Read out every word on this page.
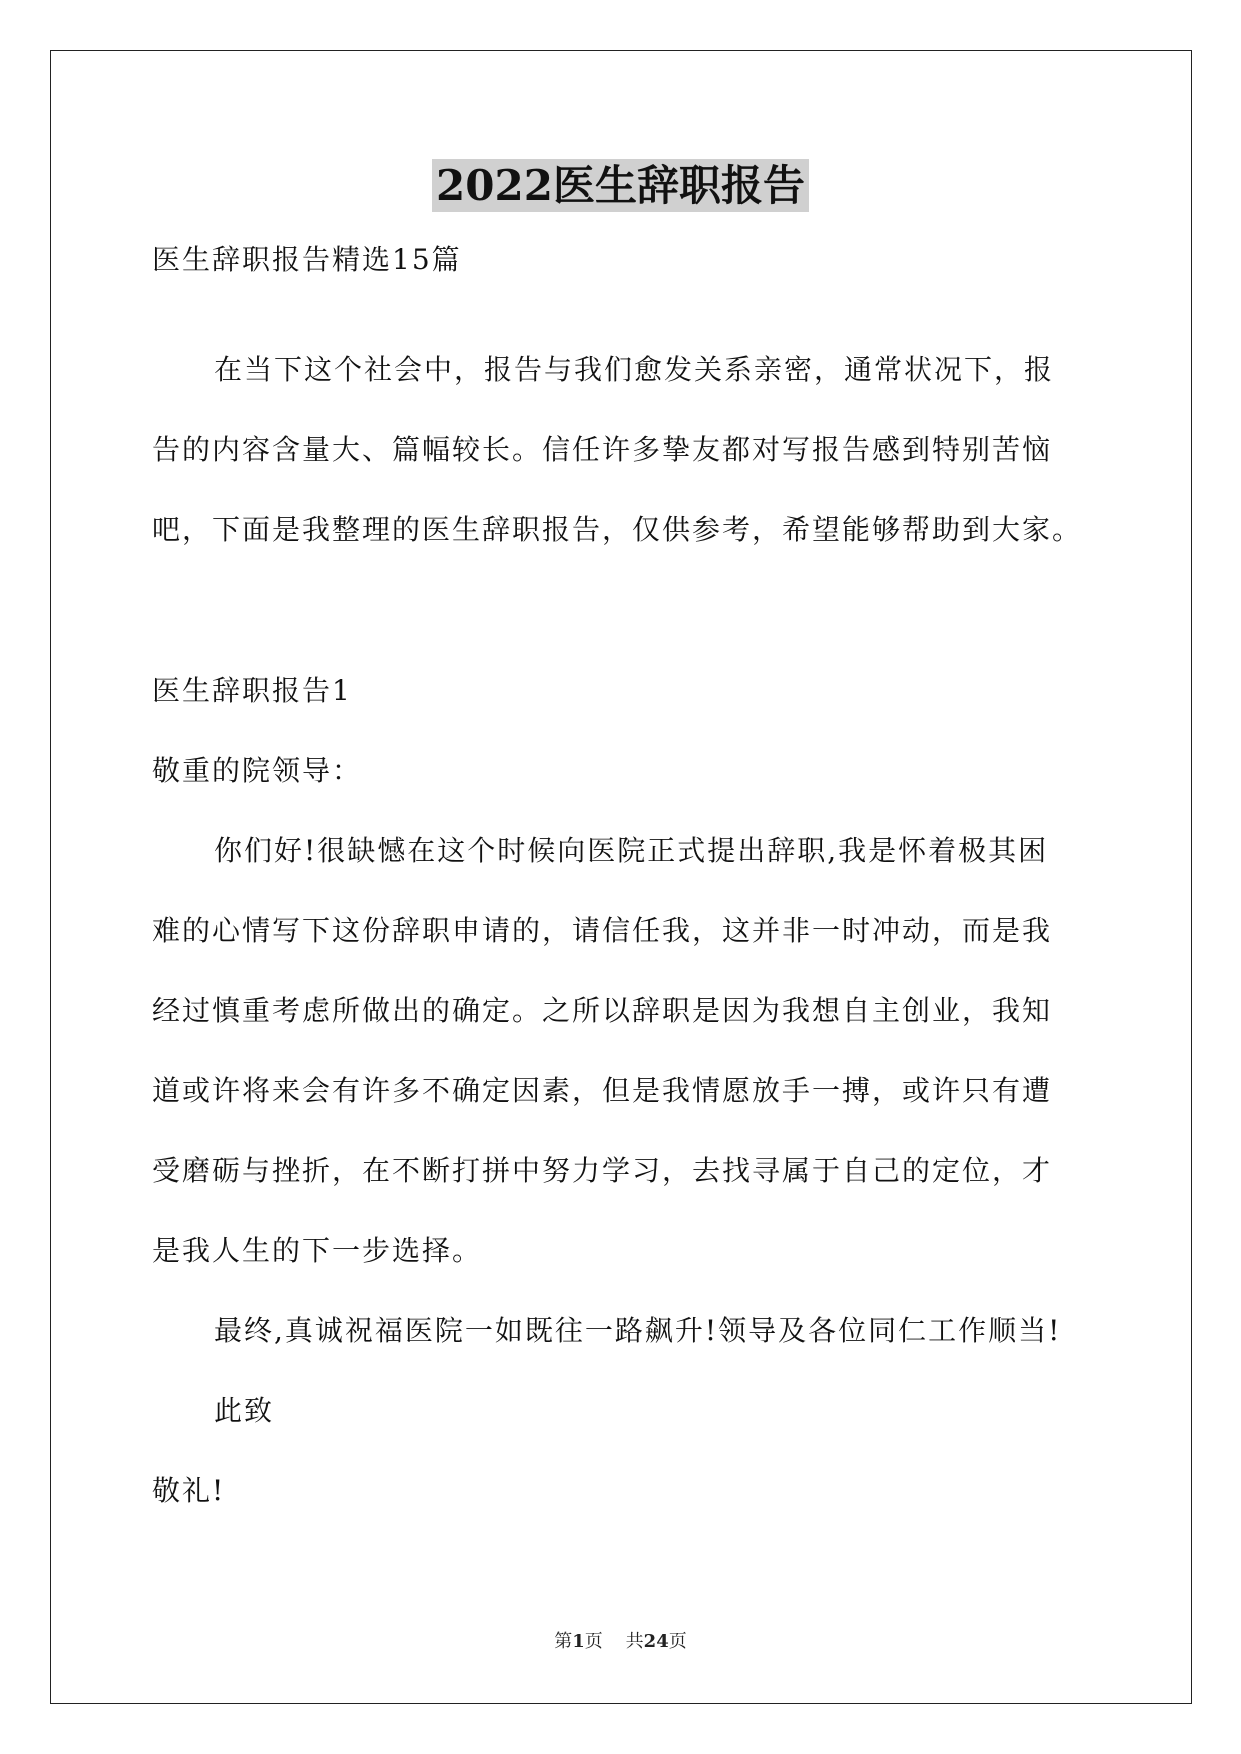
2022医生辞职报告
医生辞职报告精选15篇
在当下这个社会中，报告与我们愈发关系亲密，通常状况下，报
告的内容含量大、篇幅较长。信任许多挚友都对写报告感到特别苦恼
吧，下面是我整理的医生辞职报告，仅供参考，希望能够帮助到大家。
医生辞职报告1
敬重的院领导：
你们好!很缺憾在这个时候向医院正式提出辞职,我是怀着极其困
难的心情写下这份辞职申请的，请信任我，这并非一时冲动，而是我
经过慎重考虑所做出的确定。之所以辞职是因为我想自主创业，我知
道或许将来会有许多不确定因素，但是我情愿放手一搏，或许只有遭
受磨砺与挫折，在不断打拼中努力学习，去找寻属于自己的定位，才
是我人生的下一步选择。
最终,真诚祝福医院一如既往一路飙升!领导及各位同仁工作顺当!
此致
敬礼!
第1页 共24页
